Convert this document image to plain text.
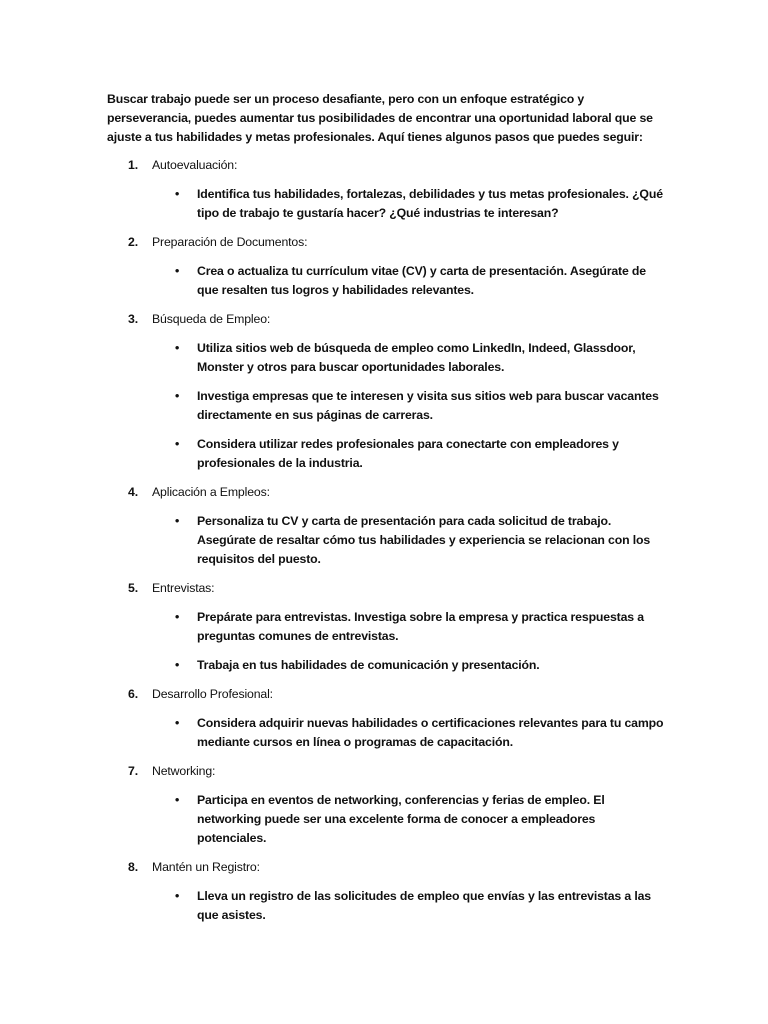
Buscar trabajo puede ser un proceso desafiante, pero con un enfoque estratégico y perseverancia, puedes aumentar tus posibilidades de encontrar una oportunidad laboral que se ajuste a tus habilidades y metas profesionales. Aquí tienes algunos pasos que puedes seguir:

1. Autoevaluación:
• Identifica tus habilidades, fortalezas, debilidades y tus metas profesionales. ¿Qué tipo de trabajo te gustaría hacer? ¿Qué industrias te interesan?
2. Preparación de Documentos:
• Crea o actualiza tu currículum vitae (CV) y carta de presentación. Asegúrate de que resalten tus logros y habilidades relevantes.
3. Búsqueda de Empleo:
• Utiliza sitios web de búsqueda de empleo como LinkedIn, Indeed, Glassdoor, Monster y otros para buscar oportunidades laborales.
• Investiga empresas que te interesen y visita sus sitios web para buscar vacantes directamente en sus páginas de carreras.
• Considera utilizar redes profesionales para conectarte con empleadores y profesionales de la industria.
4. Aplicación a Empleos:
• Personaliza tu CV y carta de presentación para cada solicitud de trabajo. Asegúrate de resaltar cómo tus habilidades y experiencia se relacionan con los requisitos del puesto.
5. Entrevistas:
• Prepárate para entrevistas. Investiga sobre la empresa y practica respuestas a preguntas comunes de entrevistas.
• Trabaja en tus habilidades de comunicación y presentación.
6. Desarrollo Profesional:
• Considera adquirir nuevas habilidades o certificaciones relevantes para tu campo mediante cursos en línea o programas de capacitación.
7. Networking:
• Participa en eventos de networking, conferencias y ferias de empleo. El networking puede ser una excelente forma de conocer a empleadores potenciales.
8. Mantén un Registro:
• Lleva un registro de las solicitudes de empleo que envías y las entrevistas a las que asistes.
